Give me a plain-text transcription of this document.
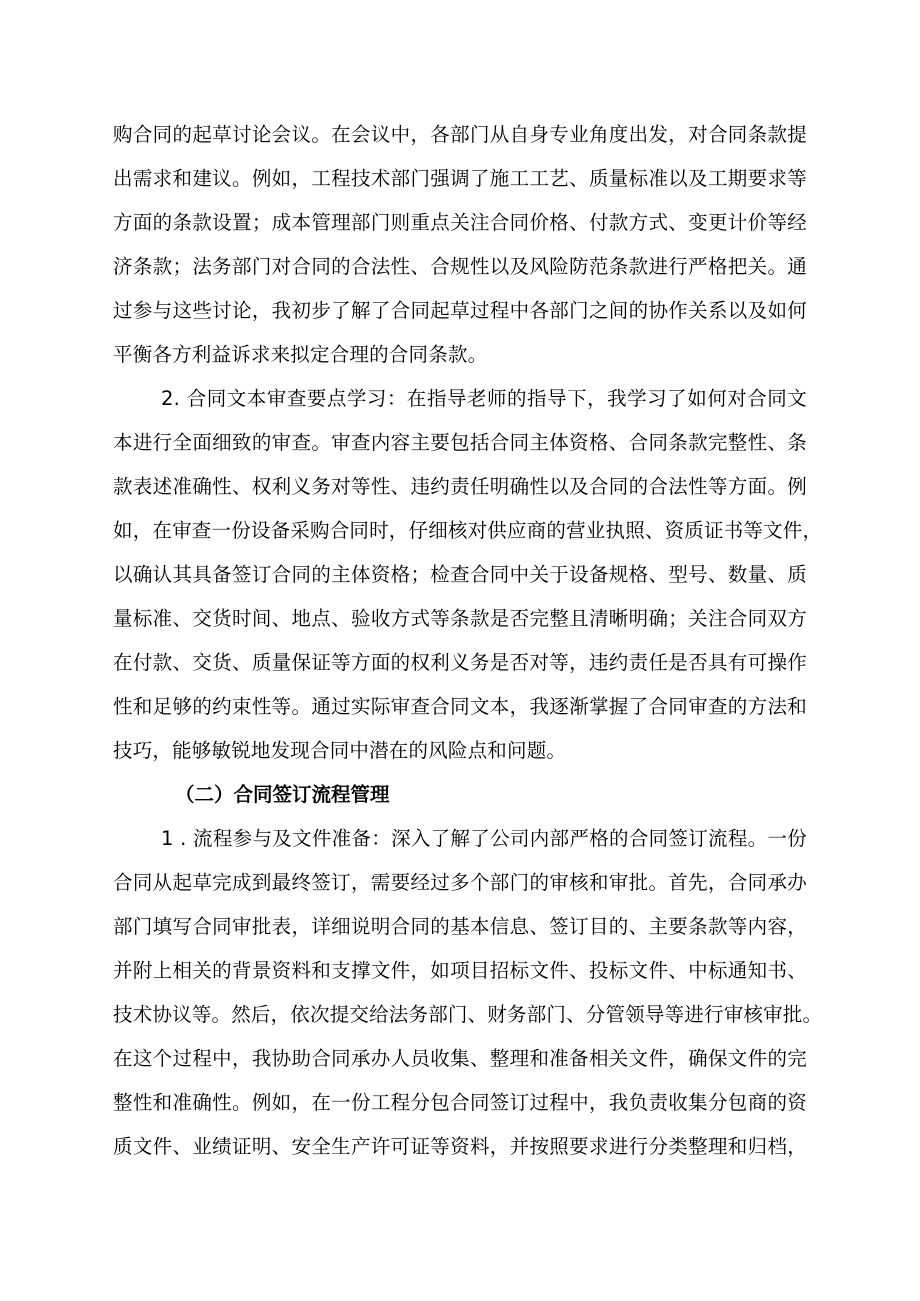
购合同的起草讨论会议。在会议中，各部门从自身专业角度出发，对合同条款提
出需求和建议。例如，工程技术部门强调了施工工艺、质量标准以及工期要求等
方面的条款设置；成本管理部门则重点关注合同价格、付款方式、变更计价等经
济条款；法务部门对合同的合法性、合规性以及风险防范条款进行严格把关。通
过参与这些讨论，我初步了解了合同起草过程中各部门之间的协作关系以及如何
平衡各方利益诉求来拟定合理的合同条款。
2. 合同文本审查要点学习：在指导老师的指导下，我学习了如何对合同文
本进行全面细致的审查。审查内容主要包括合同主体资格、合同条款完整性、条
款表述准确性、权利义务对等性、违约责任明确性以及合同的合法性等方面。例
如，在审查一份设备采购合同时，仔细核对供应商的营业执照、资质证书等文件，
以确认其具备签订合同的主体资格；检查合同中关于设备规格、型号、数量、质
量标准、交货时间、地点、验收方式等条款是否完整且清晰明确；关注合同双方
在付款、交货、质量保证等方面的权利义务是否对等，违约责任是否具有可操作
性和足够的约束性等。通过实际审查合同文本，我逐渐掌握了合同审查的方法和
技巧，能够敏锐地发现合同中潜在的风险点和问题。
（二）合同签订流程管理
1 . 流程参与及文件准备：深入了解了公司内部严格的合同签订流程。一份
合同从起草完成到最终签订，需要经过多个部门的审核和审批。首先，合同承办
部门填写合同审批表，详细说明合同的基本信息、签订目的、主要条款等内容，
并附上相关的背景资料和支撑文件，如项目招标文件、投标文件、中标通知书、
技术协议等。然后，依次提交给法务部门、财务部门、分管领导等进行审核审批。
在这个过程中，我协助合同承办人员收集、整理和准备相关文件，确保文件的完
整性和准确性。例如，在一份工程分包合同签订过程中，我负责收集分包商的资
质文件、业绩证明、安全生产许可证等资料，并按照要求进行分类整理和归档，
